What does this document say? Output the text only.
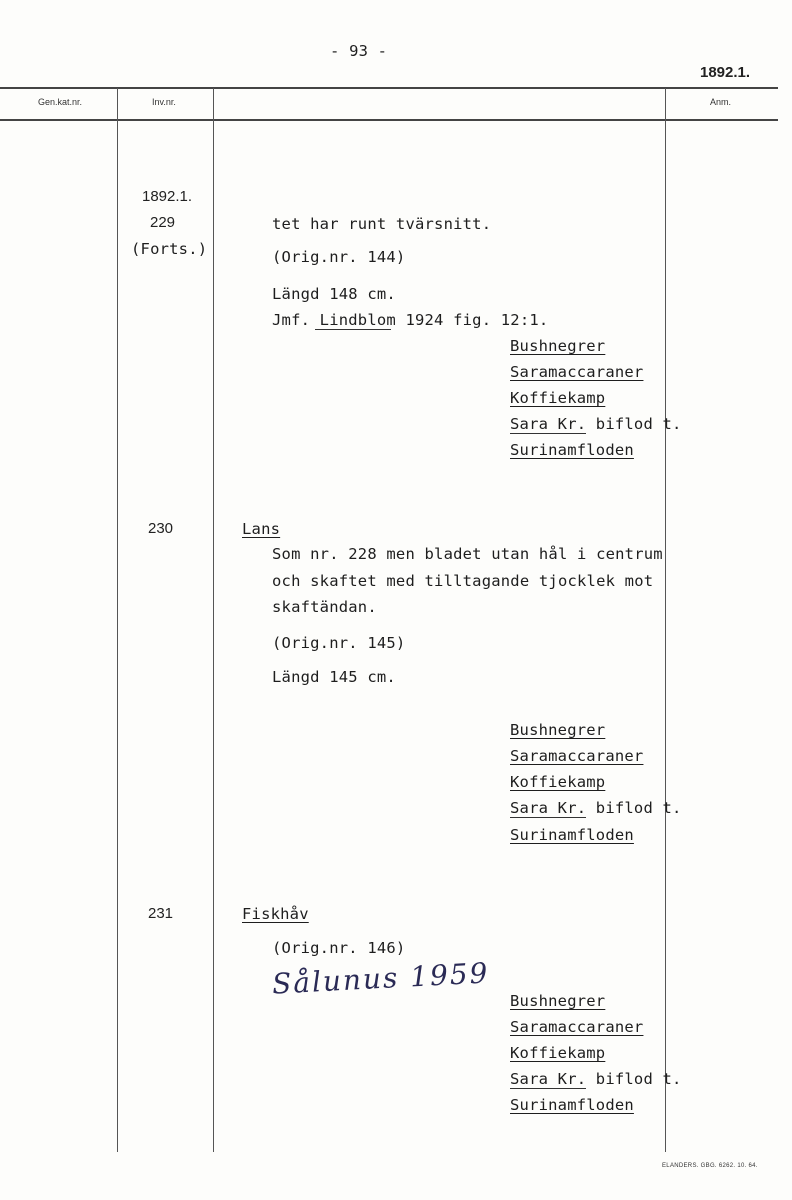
- 93 -
1892.1.
Gen.kat.nr.	Inv.nr.	Anm.
1892.1.
229
(Forts.)
tet har runt tvärsnitt.
(Orig.nr. 144)
Längd 148 cm.
Jmf. Lindblom 1924 fig. 12:1.
Bushnegrer
Saramaccaraner
Koffiekamp
Sara Kr. biflod t.
Surinamfloden
230	Lans
Som nr. 228 men bladet utan hål i centrum
och skaftet med tilltagande tjocklek mot
skaftändan.
(Orig.nr. 145)
Längd 145 cm.
Bushnegrer
Saramaccaraner
Koffiekamp
Sara Kr. biflod t.
Surinamfloden
231	Fiskhåv
(Orig.nr. 146)
Sålunus 1959
Bushnegrer
Saramaccaraner
Koffiekamp
Sara Kr. biflod t.
Surinamfloden
ELANDERS. GBG. 6262. 10. 64.
